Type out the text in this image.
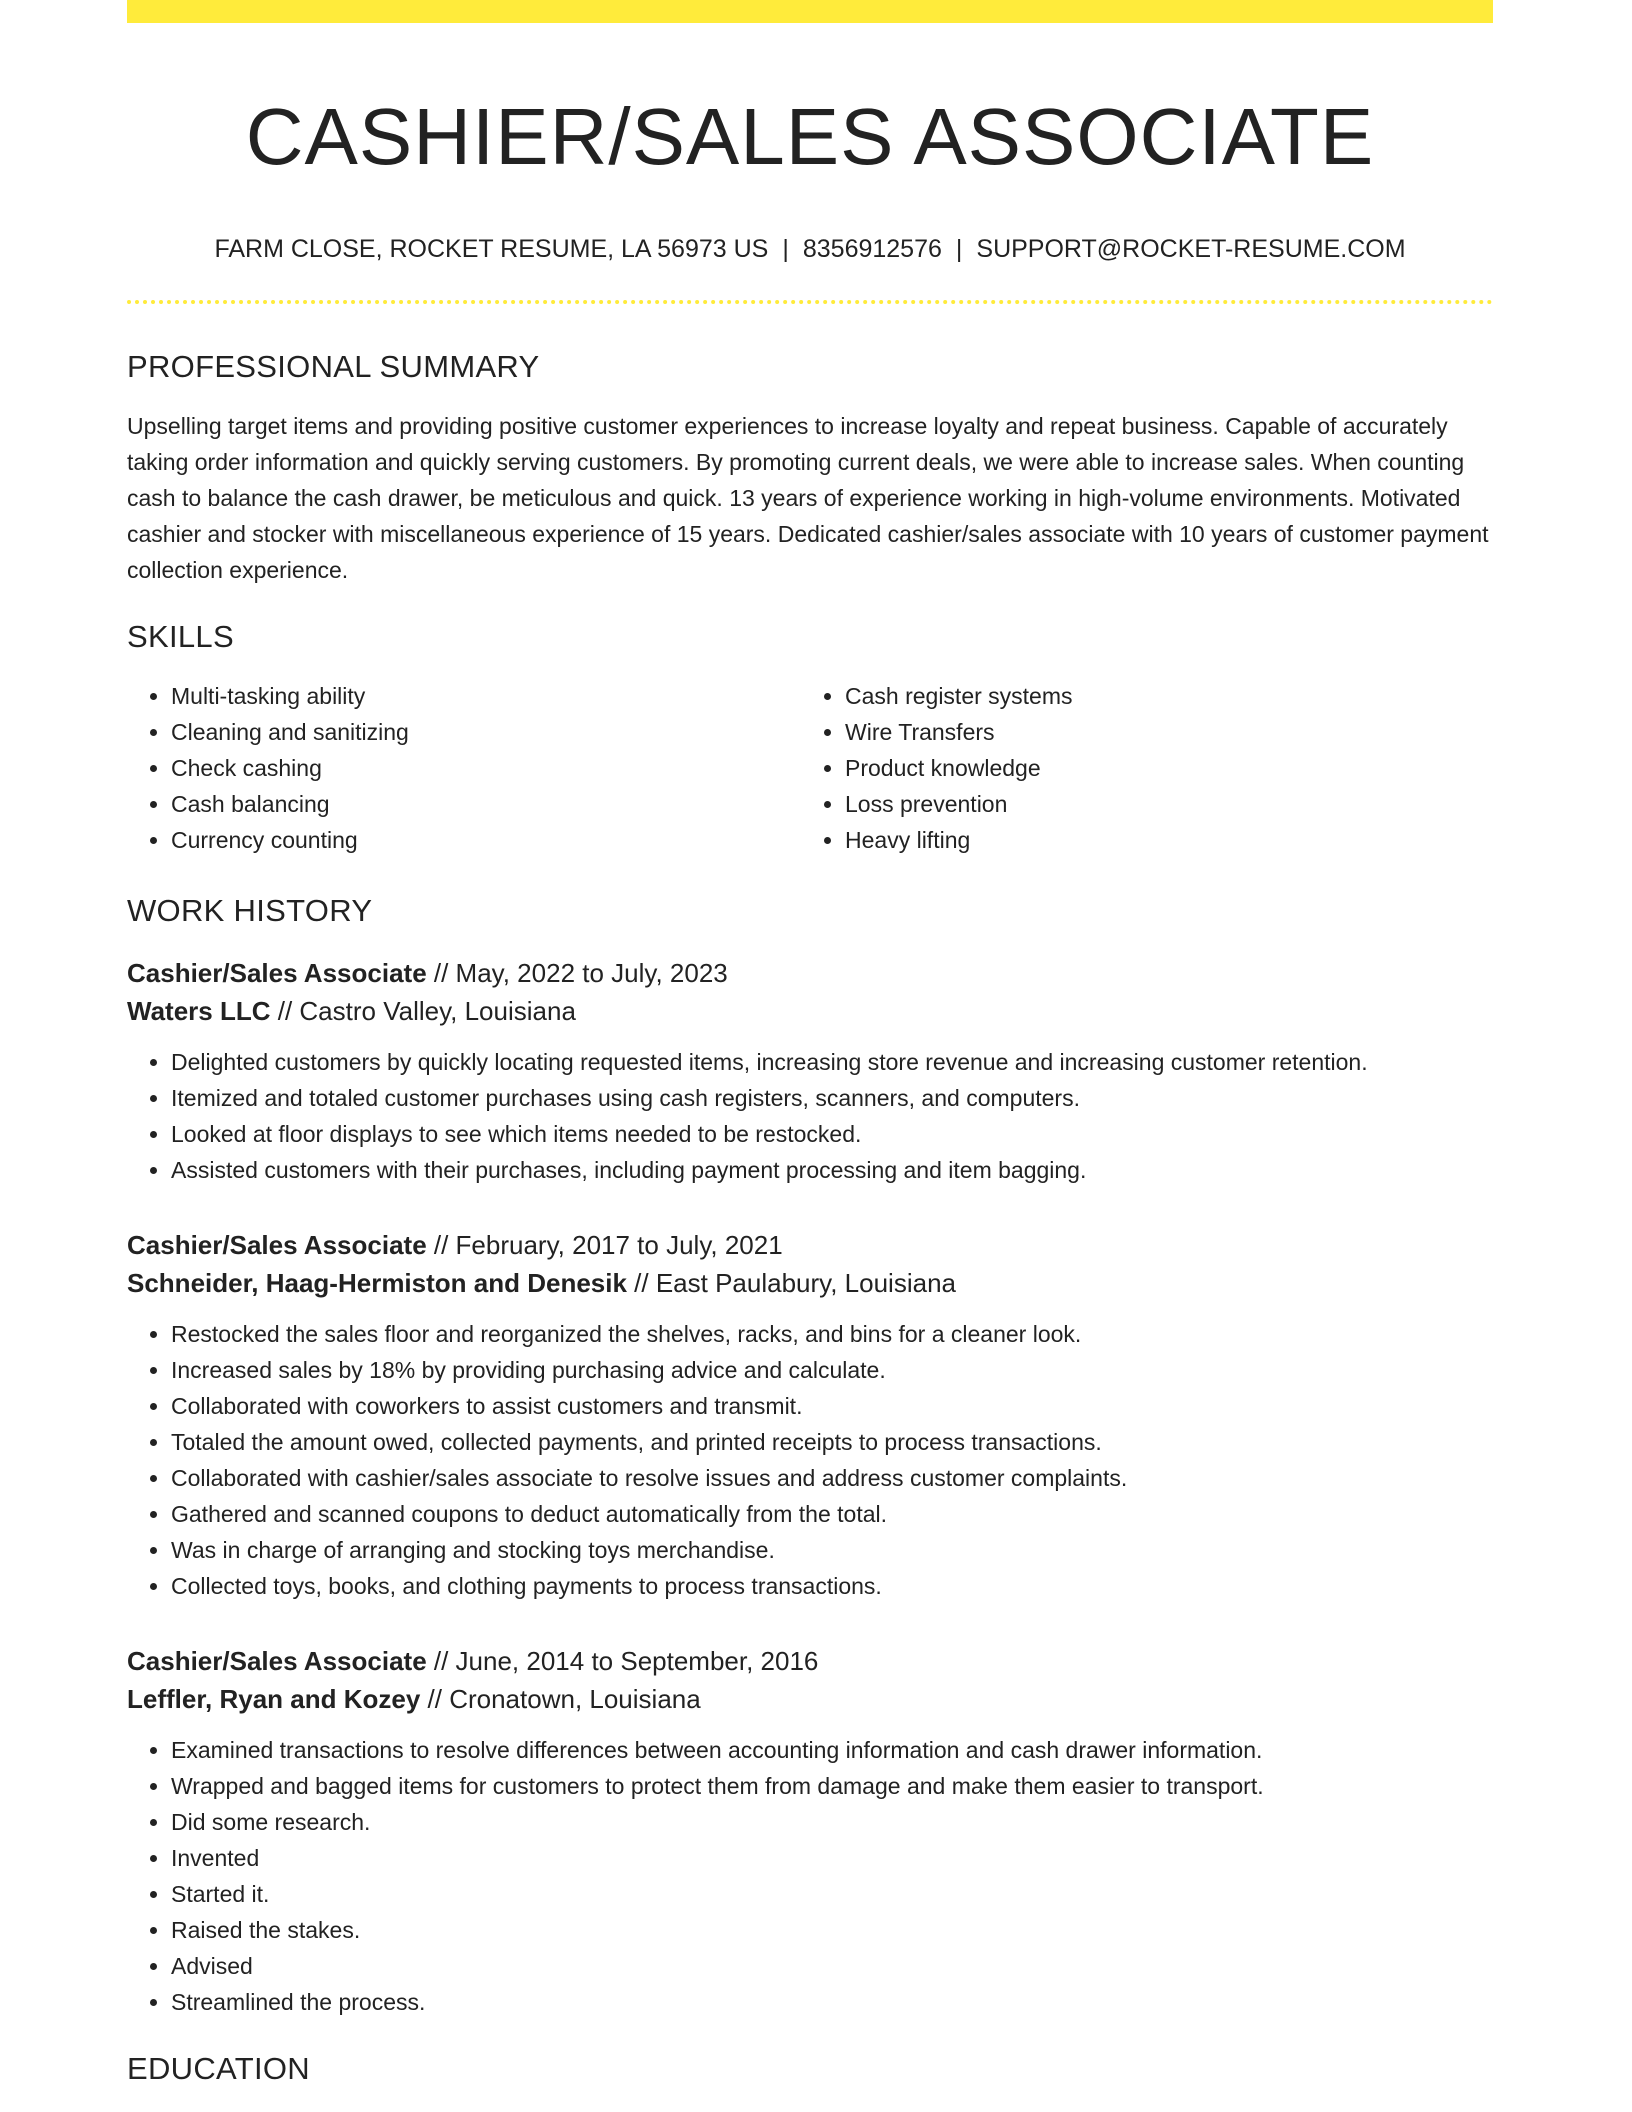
CASHIER/SALES ASSOCIATE
FARM CLOSE, ROCKET RESUME, LA 56973 US | 8356912576 | SUPPORT@ROCKET-RESUME.COM
PROFESSIONAL SUMMARY
Upselling target items and providing positive customer experiences to increase loyalty and repeat business. Capable of accurately taking order information and quickly serving customers. By promoting current deals, we were able to increase sales. When counting cash to balance the cash drawer, be meticulous and quick. 13 years of experience working in high-volume environments. Motivated cashier and stocker with miscellaneous experience of 15 years. Dedicated cashier/sales associate with 10 years of customer payment collection experience.
SKILLS
• Multi-tasking ability
• Cleaning and sanitizing
• Check cashing
• Cash balancing
• Currency counting
• Cash register systems
• Wire Transfers
• Product knowledge
• Loss prevention
• Heavy lifting
WORK HISTORY
Cashier/Sales Associate // May, 2022 to July, 2023
Waters LLC // Castro Valley, Louisiana
• Delighted customers by quickly locating requested items, increasing store revenue and increasing customer retention.
• Itemized and totaled customer purchases using cash registers, scanners, and computers.
• Looked at floor displays to see which items needed to be restocked.
• Assisted customers with their purchases, including payment processing and item bagging.
Cashier/Sales Associate // February, 2017 to July, 2021
Schneider, Haag-Hermiston and Denesik // East Paulabury, Louisiana
• Restocked the sales floor and reorganized the shelves, racks, and bins for a cleaner look.
• Increased sales by 18% by providing purchasing advice and calculate.
• Collaborated with coworkers to assist customers and transmit.
• Totaled the amount owed, collected payments, and printed receipts to process transactions.
• Collaborated with cashier/sales associate to resolve issues and address customer complaints.
• Gathered and scanned coupons to deduct automatically from the total.
• Was in charge of arranging and stocking toys merchandise.
• Collected toys, books, and clothing payments to process transactions.
Cashier/Sales Associate // June, 2014 to September, 2016
Leffler, Ryan and Kozey // Cronatown, Louisiana
• Examined transactions to resolve differences between accounting information and cash drawer information.
• Wrapped and bagged items for customers to protect them from damage and make them easier to transport.
• Did some research.
• Invented
• Started it.
• Raised the stakes.
• Advised
• Streamlined the process.
EDUCATION
